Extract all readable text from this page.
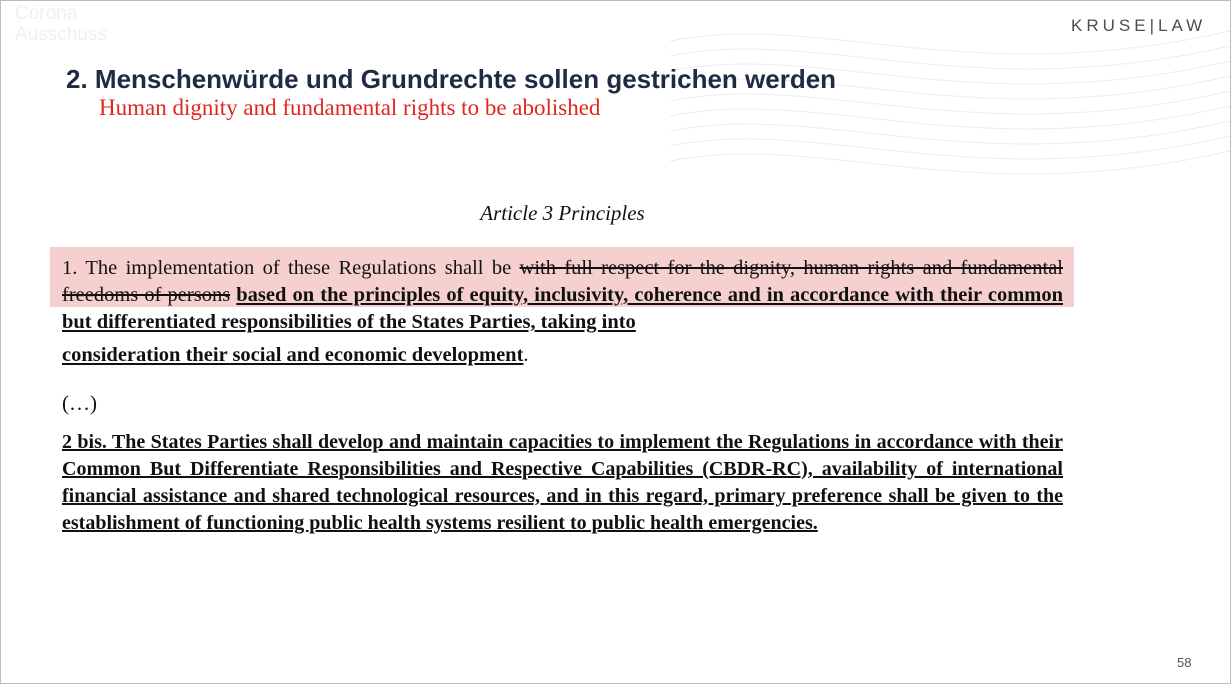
Corona
Ausschuss	KRUSE|LAW
2. Menschenwürde und Grundrechte sollen gestrichen werden
Human dignity and fundamental rights to be abolished
Article 3 Principles
1. The implementation of these Regulations shall be with full respect for the dignity, human rights and fundamental freedoms of persons based on the principles of equity, inclusivity, coherence and in accordance with their common but differentiated responsibilities of the States Parties, taking into
consideration their social and economic development.
(…)
2 bis. The States Parties shall develop and maintain capacities to implement the Regulations in accordance with their Common But Differentiate Responsibilities and Respective Capabilities (CBDR-RC), availability of international financial assistance and shared technological resources, and in this regard, primary preference shall be given to the establishment of functioning public health systems resilient to public health emergencies.
58
